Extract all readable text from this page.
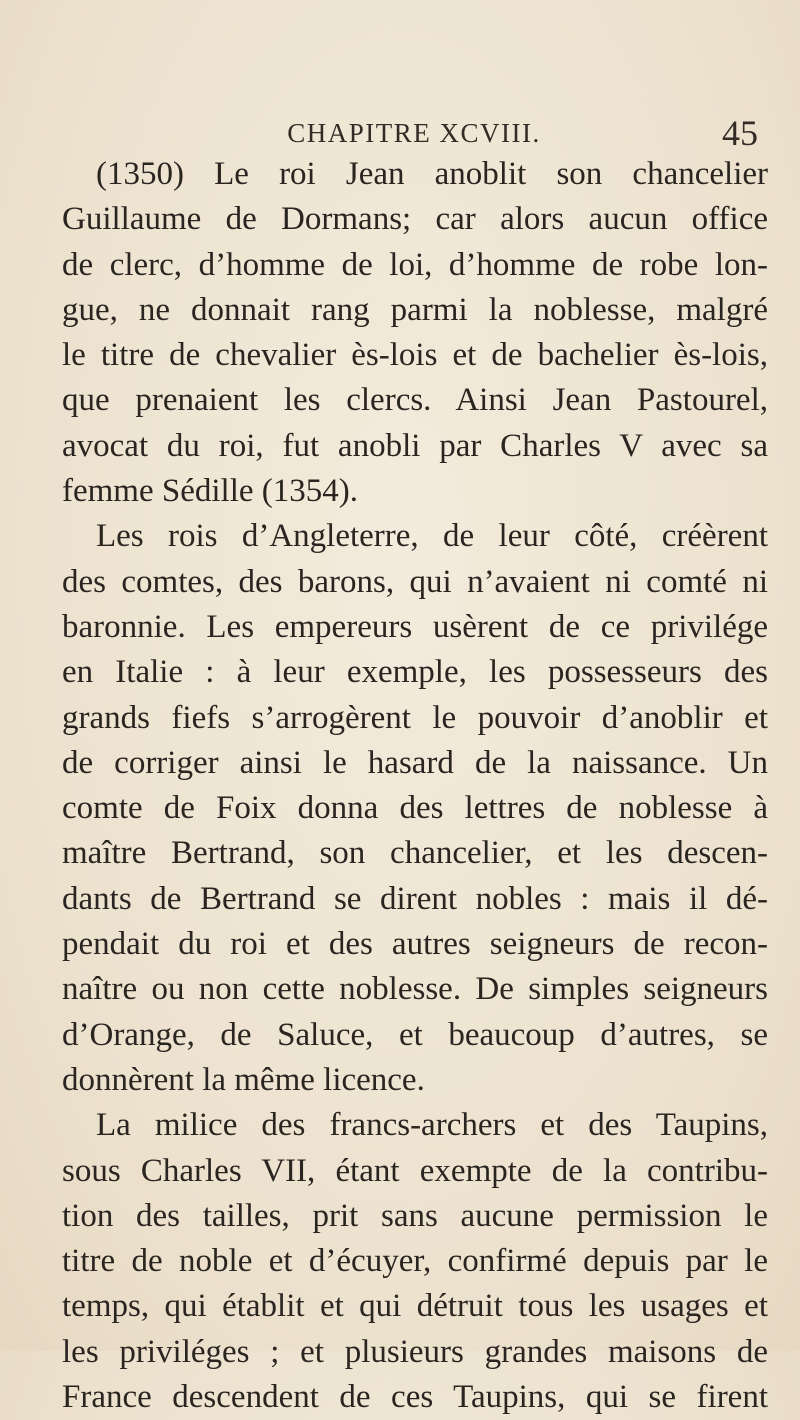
CHAPITRE XCVIII.	45
(1350) Le roi Jean anoblit son chancelier
Guillaume de Dormans; car alors aucun office
de clerc, d’homme de loi, d’homme de robe lon-
gue, ne donnait rang parmi la noblesse, malgré
le titre de chevalier ès-lois et de bachelier ès-lois,
que prenaient les clercs. Ainsi Jean Pastourel,
avocat du roi, fut anobli par Charles V avec sa
femme Sédille (1354).
Les rois d’Angleterre, de leur côté, créèrent
des comtes, des barons, qui n’avaient ni comté ni
baronnie. Les empereurs usèrent de ce privilége
en Italie : à leur exemple, les possesseurs des
grands fiefs s’arrogèrent le pouvoir d’anoblir et
de corriger ainsi le hasard de la naissance. Un
comte de Foix donna des lettres de noblesse à
maître Bertrand, son chancelier, et les descen-
dants de Bertrand se dirent nobles : mais il dé-
pendait du roi et des autres seigneurs de recon-
naître ou non cette noblesse. De simples seigneurs
d’Orange, de Saluce, et beaucoup d’autres, se
donnèrent la même licence.
La milice des francs-archers et des Taupins,
sous Charles VII, étant exempte de la contribu-
tion des tailles, prit sans aucune permission le
titre de noble et d’écuyer, confirmé depuis par le
temps, qui établit et qui détruit tous les usages et
les priviléges ; et plusieurs grandes maisons de
France descendent de ces Taupins, qui se firent
